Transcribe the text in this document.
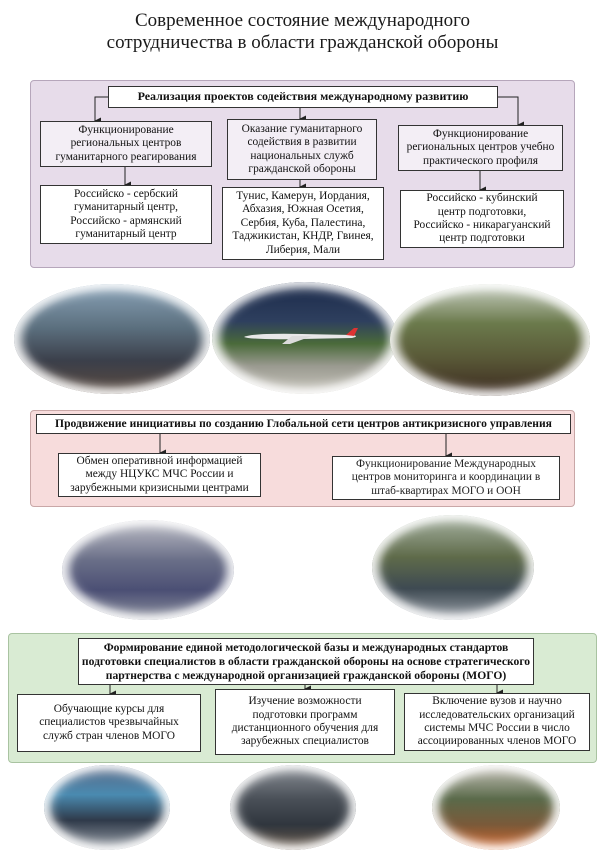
Современное состояние международного
сотрудничества в области гражданской обороны
Реализация проектов содействия международному развитию
Функционирование
региональных центров
гуманитарного реагирования
Оказание гуманитарного
содействия в развитии
национальных служб
гражданской обороны
Функционирование
региональных центров учебно
практического профиля
Российско - сербский
гуманитарный центр,
Российско - армянский
гуманитарный центр
Тунис, Камерун, Иордания,
Абхазия, Южная Осетия,
Сербия, Куба, Палестина,
Таджикистан, КНДР, Гвинея,
Либерия, Мали
Российско - кубинский
центр подготовки,
Российско - никарагуанский
центр подготовки
Продвижение инициативы по созданию Глобальной сети центров антикризисного управления
Обмен оперативной информацией
между НЦУКС МЧС России и
зарубежными кризисными центрами
Функционирование Международных
центров мониторинга и координации в
штаб-квартирах МОГО и ООН
Формирование единой методологической базы и международных стандартов
подготовки специалистов в области гражданской обороны на основе стратегического
партнерства с международной организацией гражданской обороны (МОГО)
Обучающие курсы для
специалистов чрезвычайных
служб стран членов МОГО
Изучение возможности
подготовки программ
дистанционного обучения для
зарубежных специалистов
Включение вузов и научно
исследовательских организаций
системы МЧС России в число
ассоциированных членов МОГО
